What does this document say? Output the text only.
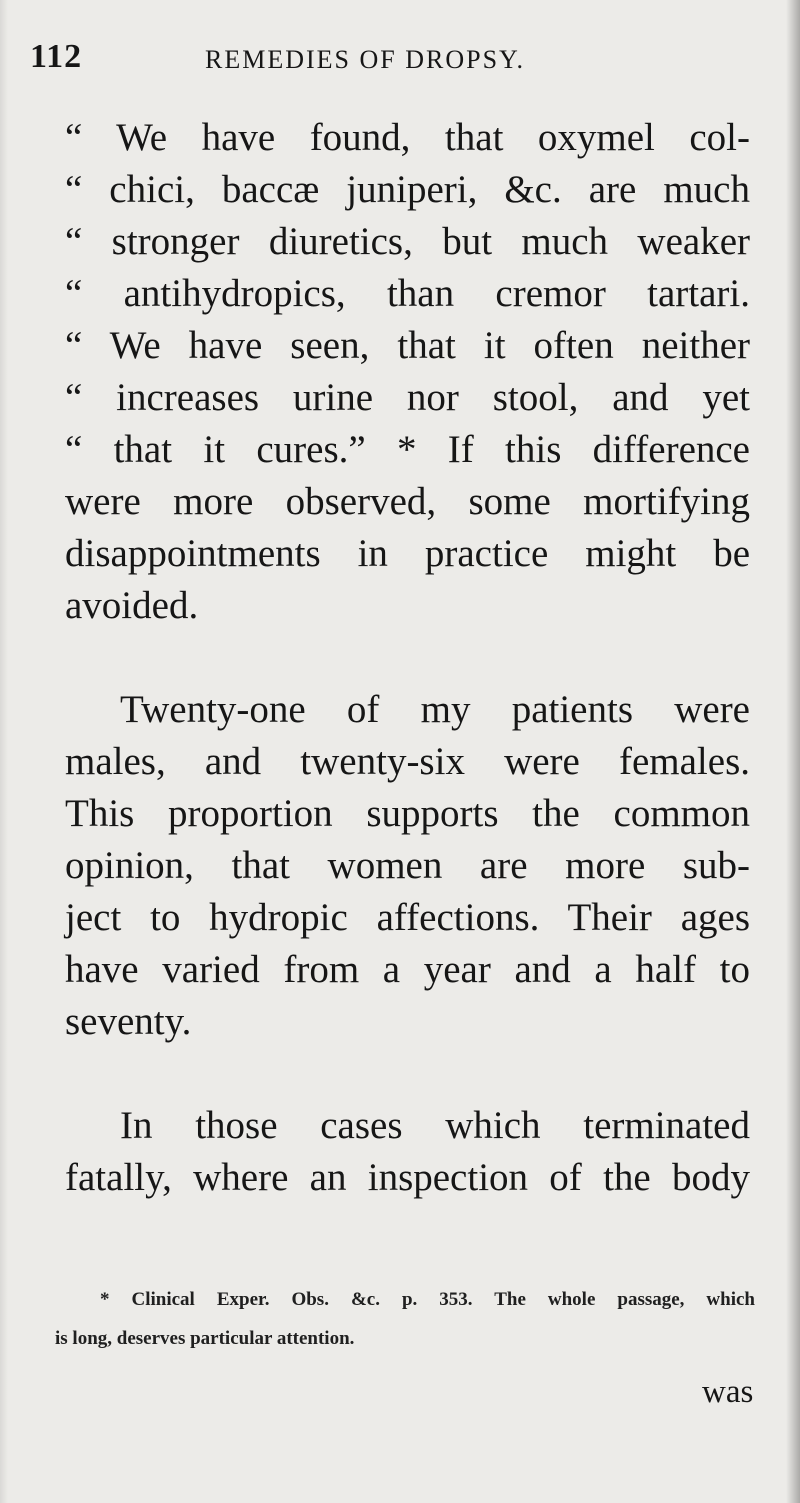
112	REMEDIES OF DROPSY.
“ We have found, that oxymel col-
“ chici, baccæ juniperi, &c. are much
“ stronger diuretics, but much weaker
“ antihydropics, than cremor tartari.
“ We have seen, that it often neither
“ increases urine nor stool, and yet
“ that it cures.” * If this difference
were more observed, some mortifying
disappointments in practice might be
avoided.
Twenty-one of my patients were
males, and twenty-six were females.
This proportion supports the common
opinion, that women are more sub-
ject to hydropic affections. Their ages
have varied from a year and a half to
seventy.
In those cases which terminated
fatally, where an inspection of the body
* Clinical Exper. Obs. &c. p. 353. The whole passage, which
is long, deserves particular attention.
was
